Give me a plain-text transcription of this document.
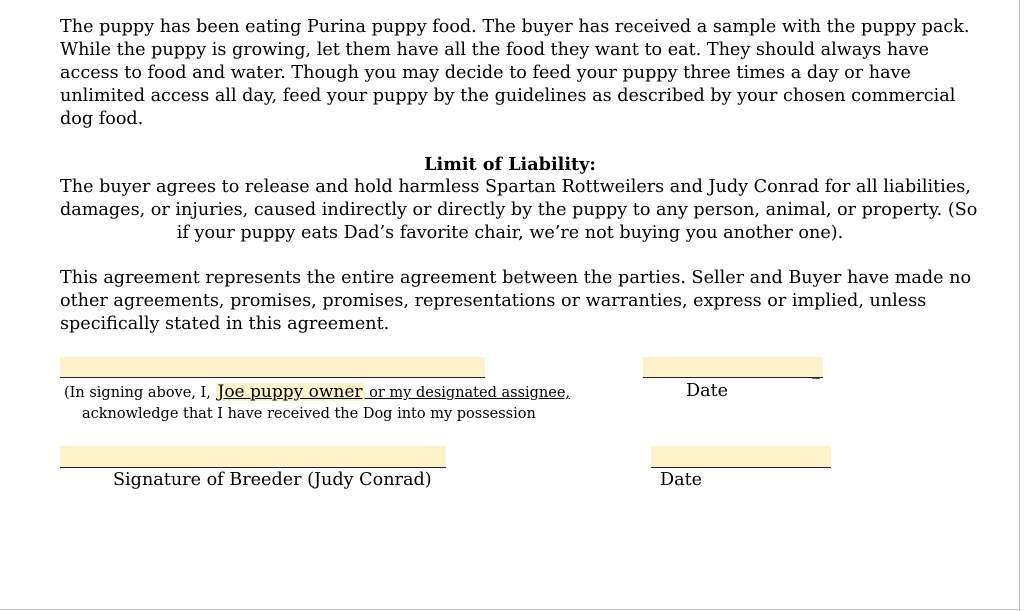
The puppy has been eating Purina puppy food. The buyer has received a sample with the puppy pack.
While the puppy is growing, let them have all the food they want to eat. They should always have
access to food and water. Though you may decide to feed your puppy three times a day or have
unlimited access all day, feed your puppy by the guidelines as described by your chosen commercial
dog food.
Limit of Liability:
The buyer agrees to release and hold harmless Spartan Rottweilers and Judy Conrad for all liabilities,
damages, or injuries, caused indirectly or directly by the puppy to any person, animal, or property. (So
if your puppy eats Dad’s favorite chair, we’re not buying you another one).
This agreement represents the entire agreement between the parties. Seller and Buyer have made no
other agreements, promises, promises, representations or warranties, express or implied, unless
specifically stated in this agreement.
_
(In signing above, I, Joe puppy owner or my designated assignee,
acknowledge that I have received the Dog into my possession
Date
Signature of Breeder (Judy Conrad)	Date
